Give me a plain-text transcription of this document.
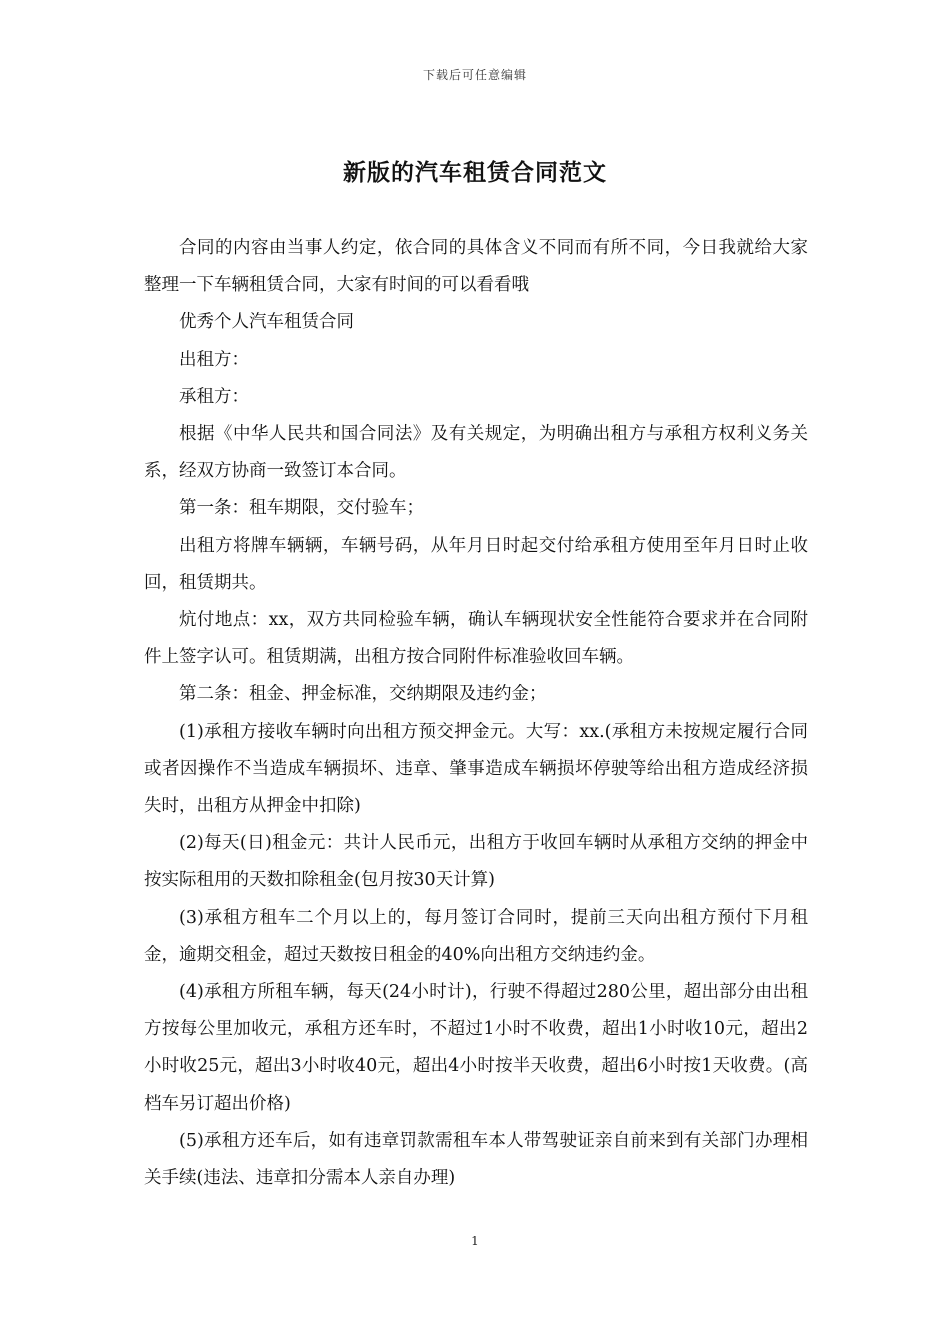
下载后可任意编辑
新版的汽车租赁合同范文

合同的内容由当事人约定，依合同的具体含义不同而有所不同，今日我就给大家整理一下车辆租赁合同，大家有时间的可以看看哦

优秀个人汽车租赁合同

出租方：

承租方：

根据《中华人民共和国合同法》及有关规定，为明确出租方与承租方权利义务关系，经双方协商一致签订本合同。

第一条：租车期限，交付验车；

出租方将牌车辆辆，车辆号码，从年月日时起交付给承租方使用至年月日时止收回，租赁期共。

炕付地点：xx，双方共同检验车辆，确认车辆现状安全性能符合要求并在合同附件上签字认可。租赁期满，出租方按合同附件标准验收回车辆。

第二条：租金、押金标准，交纳期限及违约金；

(1)承租方接收车辆时向出租方预交押金元。大写：xx.(承租方未按规定履行合同或者因操作不当造成车辆损坏、违章、肇事造成车辆损坏停驶等给出租方造成经济损失时，出租方从押金中扣除)

(2)每天(日)租金元：共计人民币元，出租方于收回车辆时从承租方交纳的押金中按实际租用的天数扣除租金(包月按30天计算)

(3)承租方租车二个月以上的，每月签订合同时，提前三天向出租方预付下月租金，逾期交租金，超过天数按日租金的40%向出租方交纳违约金。

(4)承租方所租车辆，每天(24小时计)，行驶不得超过280公里，超出部分由出租方按每公里加收元，承租方还车时，不超过1小时不收费，超出1小时收10元，超出2小时收25元，超出3小时收40元，超出4小时按半天收费，超出6小时按1天收费。(高档车另订超出价格)

(5)承租方还车后，如有违章罚款需租车本人带驾驶证亲自前来到有关部门办理相关手续(违法、违章扣分需本人亲自办理)

1
